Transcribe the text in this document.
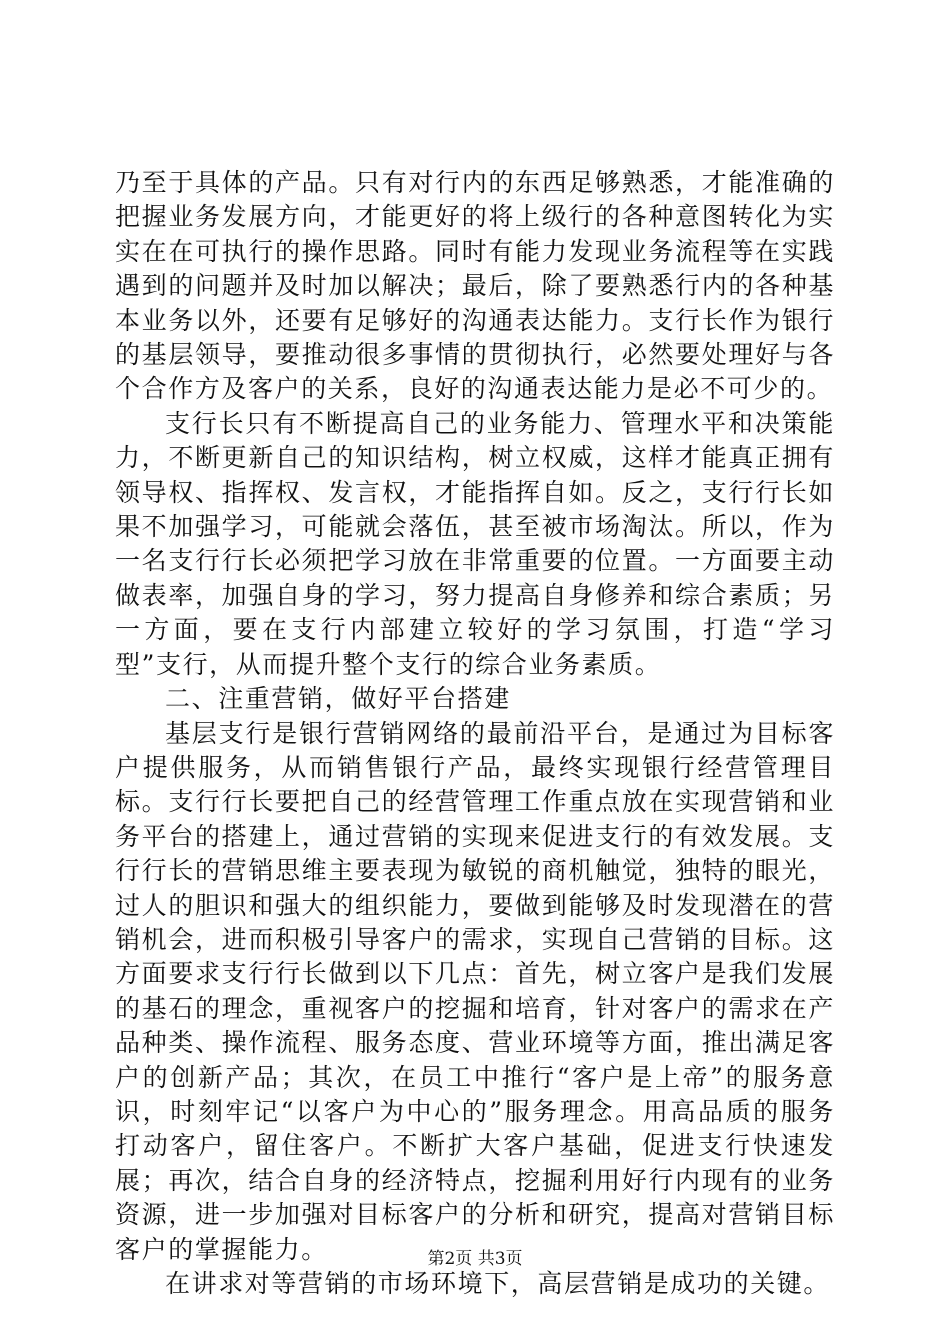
乃至于具体的产品。只有对行内的东西足够熟悉，才能准确的把握业务发展方向，才能更好的将上级行的各种意图转化为实实在在可执行的操作思路。同时有能力发现业务流程等在实践遇到的问题并及时加以解决；最后，除了要熟悉行内的各种基本业务以外，还要有足够好的沟通表达能力。支行长作为银行的基层领导，要推动很多事情的贯彻执行，必然要处理好与各个合作方及客户的关系，良好的沟通表达能力是必不可少的。

支行长只有不断提高自己的业务能力、管理水平和决策能力，不断更新自己的知识结构，树立权威，这样才能真正拥有领导权、指挥权、发言权，才能指挥自如。反之，支行行长如果不加强学习，可能就会落伍，甚至被市场淘汰。所以，作为一名支行行长必须把学习放在非常重要的位置。一方面要主动做表率，加强自身的学习，努力提高自身修养和综合素质；另一方面，要在支行内部建立较好的学习氛围，打造“学习型”支行，从而提升整个支行的综合业务素质。

二、注重营销，做好平台搭建

基层支行是银行营销网络的最前沿平台，是通过为目标客户提供服务，从而销售银行产品，最终实现银行经营管理目标。支行行长要把自己的经营管理工作重点放在实现营销和业务平台的搭建上，通过营销的实现来促进支行的有效发展。支行行长的营销思维主要表现为敏锐的商机触觉，独特的眼光，过人的胆识和强大的组织能力，要做到能够及时发现潜在的营销机会，进而积极引导客户的需求，实现自己营销的目标。这方面要求支行行长做到以下几点：首先，树立客户是我们发展的基石的理念，重视客户的挖掘和培育，针对客户的需求在产品种类、操作流程、服务态度、营业环境等方面，推出满足客户的创新产品；其次，在员工中推行“客户是上帝”的服务意识，时刻牢记“以客户为中心的”服务理念。用高品质的服务打动客户，留住客户。不断扩大客户基础，促进支行快速发展；再次，结合自身的经济特点，挖掘利用好行内现有的业务资源，进一步加强对目标客户的分析和研究，提高对营销目标客户的掌握能力。

在讲求对等营销的市场环境下，高层营销是成功的关键。

第2页 共3页
